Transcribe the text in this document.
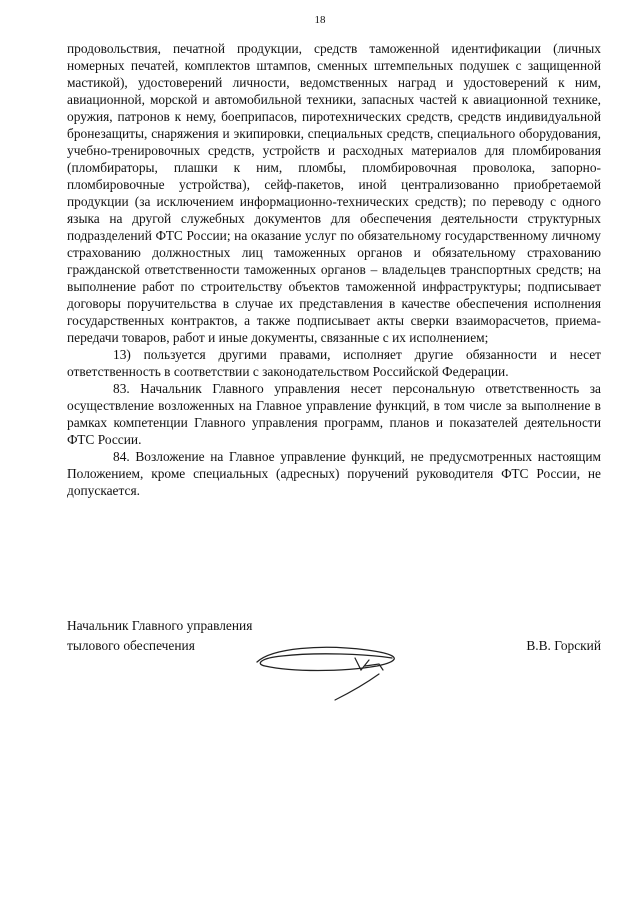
18

продовольствия, печатной продукции, средств таможенной идентификации (личных номерных печатей, комплектов штампов, сменных штемпельных подушек с защищенной мастикой), удостоверений личности, ведомственных наград и удостоверений к ним, авиационной, морской и автомобильной техники, запасных частей к авиационной технике, оружия, патронов к нему, боеприпасов, пиротехнических средств, средств индивидуальной бронезащиты, снаряжения и экипировки, специальных средств, специального оборудования, учебно-тренировочных средств, устройств и расходных материалов для пломбирования (пломбираторы, плашки к ним, пломбы, пломбировочная проволока, запорно-пломбировочные устройства), сейф-пакетов, иной централизованно приобретаемой продукции (за исключением информационно-технических средств); по переводу с одного языка на другой служебных документов для обеспечения деятельности структурных подразделений ФТС России; на оказание услуг по обязательному государственному личному страхованию должностных лиц таможенных органов и обязательному страхованию гражданской ответственности таможенных органов – владельцев транспортных средств; на выполнение работ по строительству объектов таможенной инфраструктуры; подписывает договоры поручительства в случае их представления в качестве обеспечения исполнения государственных контрактов, а также подписывает акты сверки взаиморасчетов, приема-передачи товаров, работ и иные документы, связанные с их исполнением;

13) пользуется другими правами, исполняет другие обязанности и несет ответственность в соответствии с законодательством Российской Федерации.

83. Начальник Главного управления несет персональную ответственность за осуществление возложенных на Главное управление функций, в том числе за выполнение в рамках компетенции Главного управления программ, планов и показателей деятельности ФТС России.

84. Возложение на Главное управление функций, не предусмотренных настоящим Положением, кроме специальных (адресных) поручений руководителя ФТС России, не допускается.

Начальник Главного управления
тылового обеспечения	В.В. Горский
